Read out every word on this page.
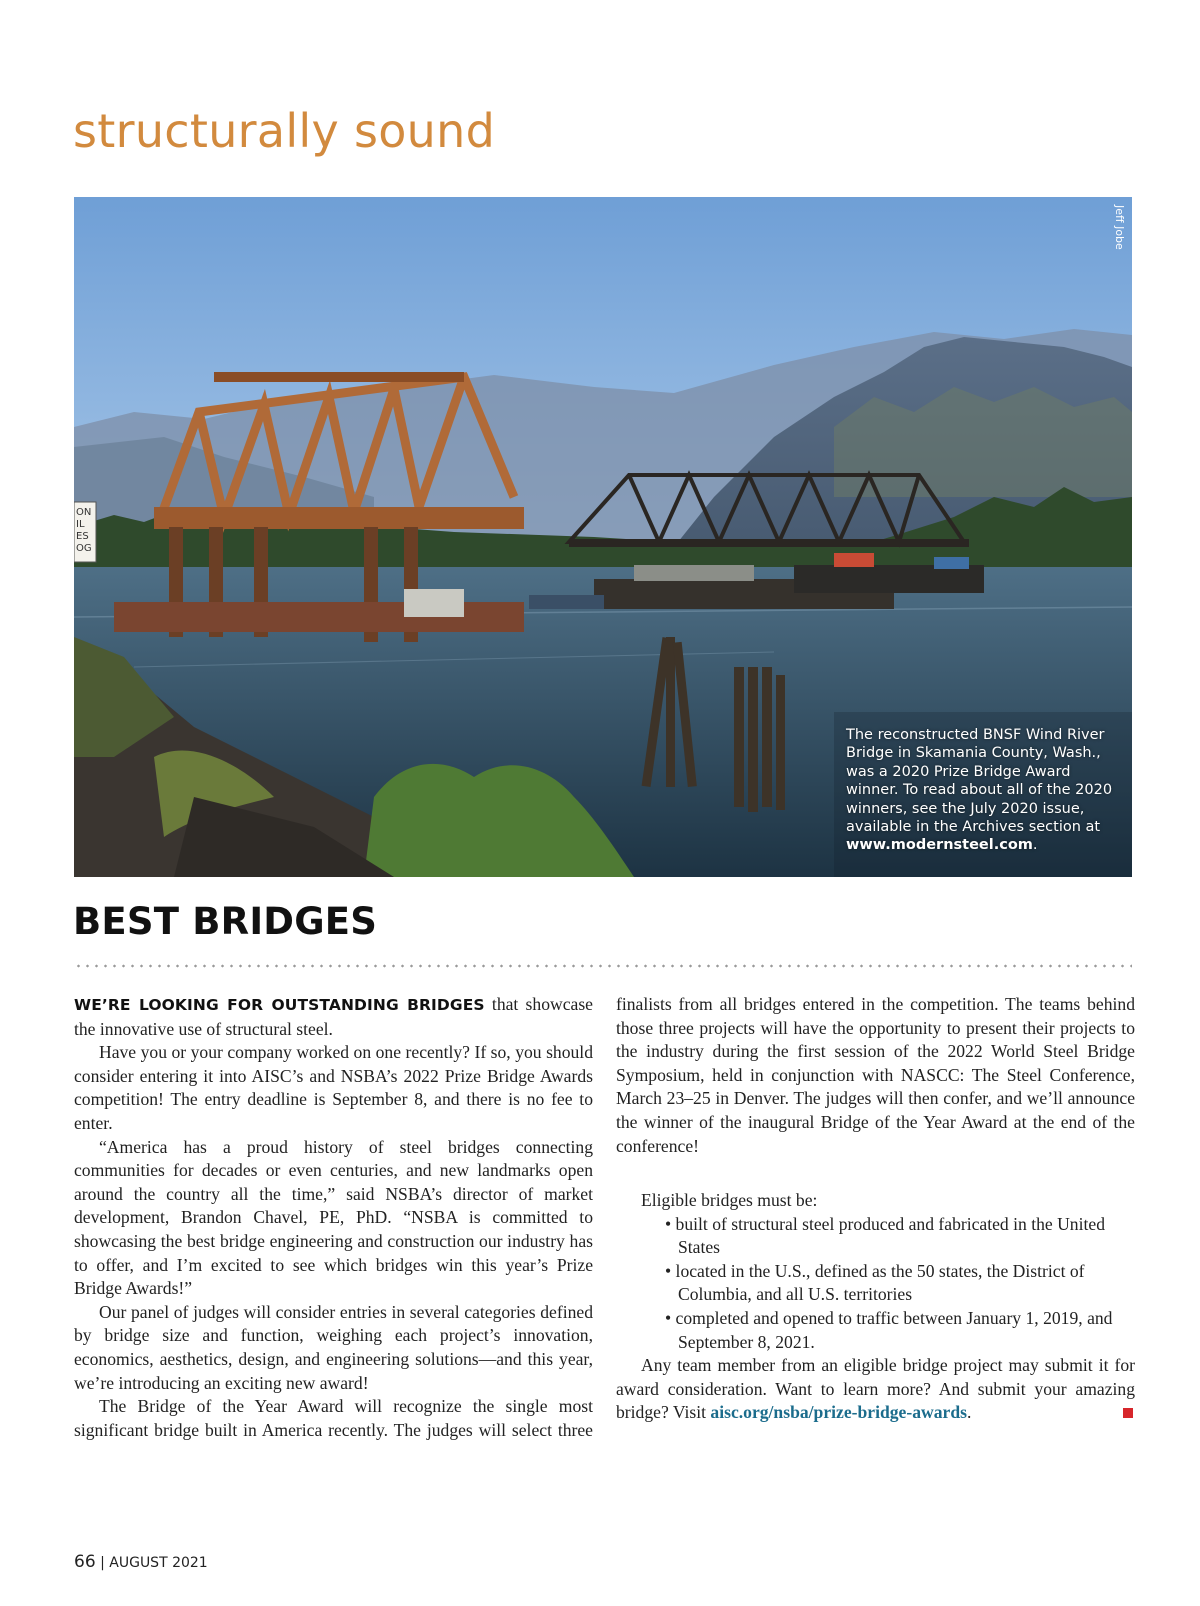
structurally sound
ON
IL
ES
OG
Jeff Jobe
The reconstructed BNSF Wind River Bridge in Skamania County, Wash., was a 2020 Prize Bridge Award winner. To read about all of the 2020 winners, see the July 2020 issue, available in the Archives section at www.modernsteel.com.
BEST BRIDGES

WE’RE LOOKING FOR OUTSTANDING BRIDGES that showcase the innovative use of structural steel.

Have you or your company worked on one recently? If so, you should consider entering it into AISC’s and NSBA’s 2022 Prize Bridge Awards competition! The entry deadline is September 8, and there is no fee to enter.

“America has a proud history of steel bridges connecting communities for decades or even centuries, and new landmarks open around the country all the time,” said NSBA’s director of market development, Brandon Chavel, PE, PhD. “NSBA is committed to showcasing the best bridge engineering and construction our industry has to offer, and I’m excited to see which bridges win this year’s Prize Bridge Awards!”

Our panel of judges will consider entries in several categories defined by bridge size and function, weighing each project’s innovation, economics, aesthetics, design, and engineering solutions—and this year, we’re introducing an exciting new award!

The Bridge of the Year Award will recognize the single most significant bridge built in America recently. The judges will select three

finalists from all bridges entered in the competition. The teams behind those three projects will have the opportunity to present their projects to the industry during the first session of the 2022 World Steel Bridge Symposium, held in conjunction with NASCC: The Steel Conference, March 23–25 in Denver. The judges will then confer, and we’ll announce the winner of the inaugural Bridge of the Year Award at the end of the conference!

Eligible bridges must be:

• built of structural steel produced and fabricated in the United States
• located in the U.S., defined as the 50 states, the District of Columbia, and all U.S. territories
• completed and opened to traffic between January 1, 2019, and September 8, 2021.

Any team member from an eligible bridge project may submit it for award consideration. Want to learn more? And submit your amazing bridge? Visit aisc.org/nsba/prize-bridge-awards.

66 | AUGUST 2021
